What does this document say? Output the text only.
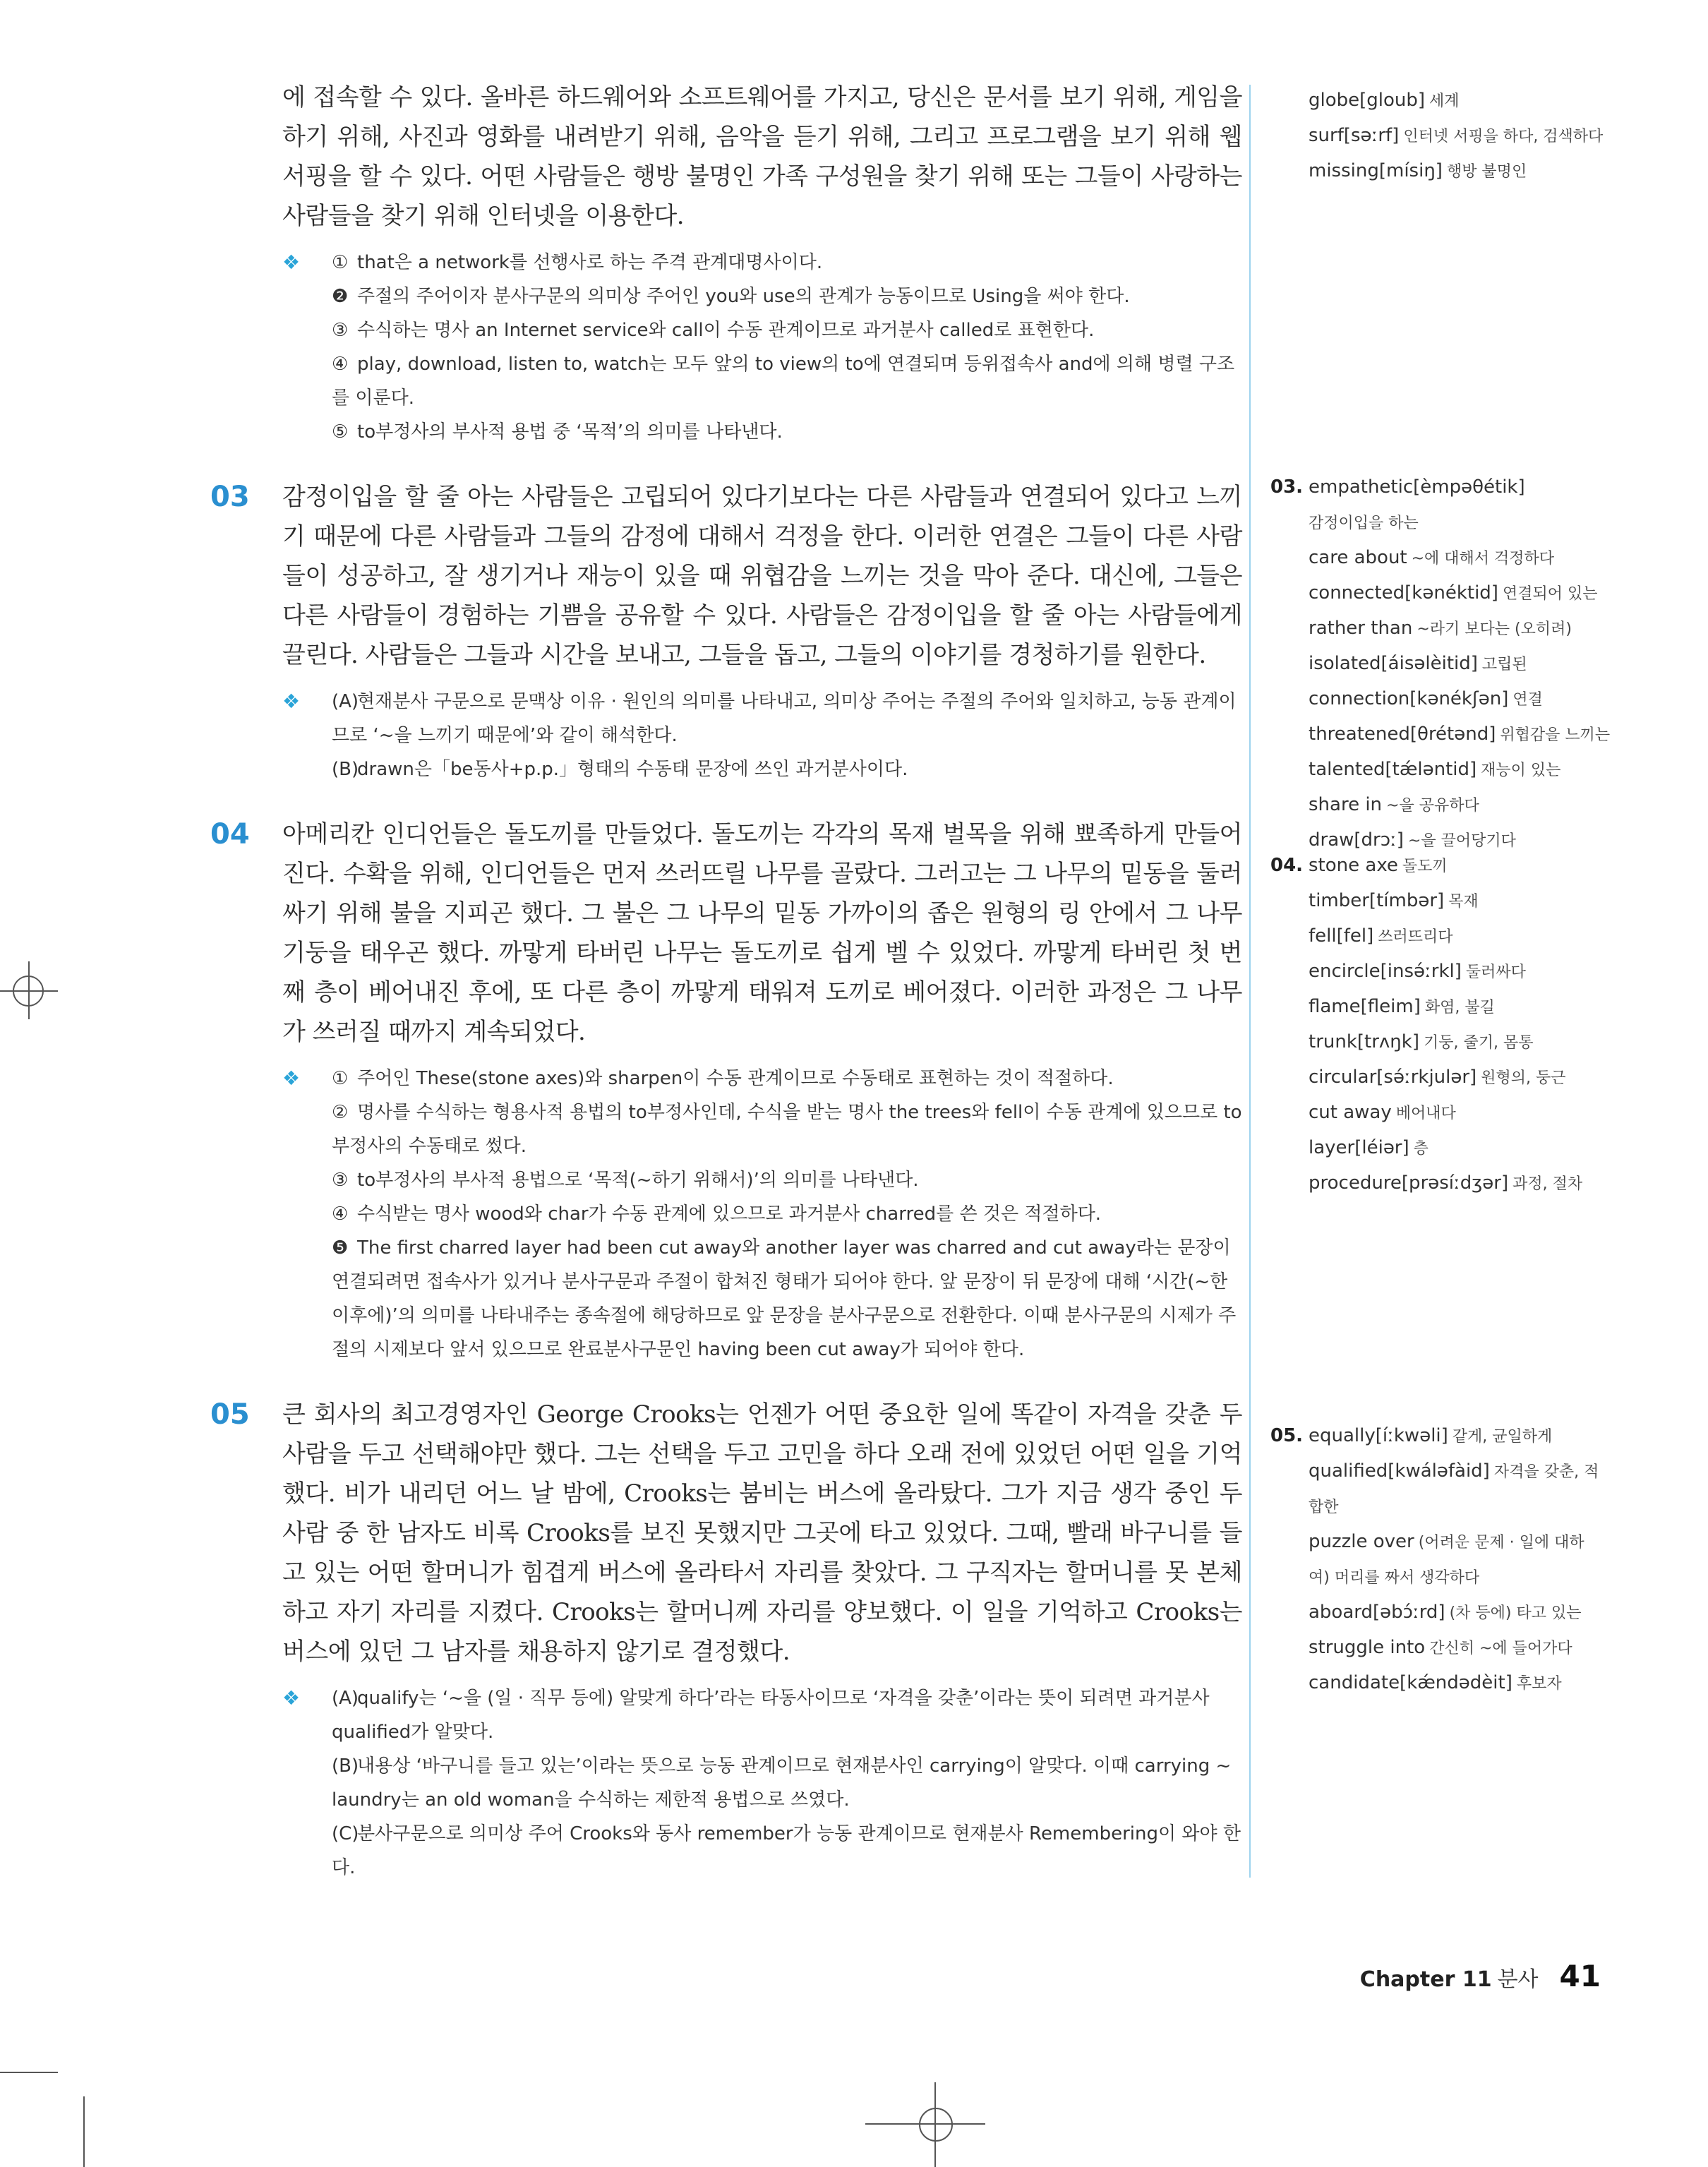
에 접속할 수 있다. 올바른 하드웨어와 소프트웨어를 가지고, 당신은 문서를 보기 위해, 게임을 하기 위해, 사진과 영화를 내려받기 위해, 음악을 듣기 위해, 그리고 프로그램을 보기 위해 웹서핑을 할 수 있다. 어떤 사람들은 행방 불명인 가족 구성원을 찾기 위해 또는 그들이 사랑하는 사람들을 찾기 위해 인터넷을 이용한다.

❖ ① that은 a network를 선행사로 하는 주격 관계대명사이다.
❷ 주절의 주어이자 분사구문의 의미상 주어인 you와 use의 관계가 능동이므로 Using을 써야 한다.
③ 수식하는 명사 an Internet service와 call이 수동 관계이므로 과거분사 called로 표현한다.
④ play, download, listen to, watch는 모두 앞의 to view의 to에 연결되며 등위접속사 and에 의해 병렬 구조를 이룬다.
⑤ to부정사의 부사적 용법 중 ‘목적’의 의미를 나타낸다.
03 감정이입을 할 줄 아는 사람들은 고립되어 있다기보다는 다른 사람들과 연결되어 있다고 느끼기 때문에 다른 사람들과 그들의 감정에 대해서 걱정을 한다. 이러한 연결은 그들이 다른 사람들이 성공하고, 잘 생기거나 재능이 있을 때 위협감을 느끼는 것을 막아 준다. 대신에, 그들은 다른 사람들이 경험하는 기쁨을 공유할 수 있다. 사람들은 감정이입을 할 줄 아는 사람들에게 끌린다. 사람들은 그들과 시간을 보내고, 그들을 돕고, 그들의 이야기를 경청하기를 원한다.

❖ (A)현재분사 구문으로 문맥상 이유 · 원인의 의미를 나타내고, 의미상 주어는 주절의 주어와 일치하고, 능동 관계이므로 ‘~을 느끼기 때문에’와 같이 해석한다.
(B)drawn은「be동사+p.p.」형태의 수동태 문장에 쓰인 과거분사이다.
04 아메리칸 인디언들은 돌도끼를 만들었다. 돌도끼는 각각의 목재 벌목을 위해 뾰족하게 만들어진다. 수확을 위해, 인디언들은 먼저 쓰러뜨릴 나무를 골랐다. 그러고는 그 나무의 밑동을 둘러싸기 위해 불을 지피곤 했다. 그 불은 그 나무의 밑동 가까이의 좁은 원형의 링 안에서 그 나무 기둥을 태우곤 했다. 까맣게 타버린 나무는 돌도끼로 쉽게 벨 수 있었다. 까맣게 타버린 첫 번째 층이 베어내진 후에, 또 다른 층이 까맣게 태워져 도끼로 베어졌다. 이러한 과정은 그 나무가 쓰러질 때까지 계속되었다.

❖ ① 주어인 These(stone axes)와 sharpen이 수동 관계이므로 수동태로 표현하는 것이 적절하다.
② 명사를 수식하는 형용사적 용법의 to부정사인데, 수식을 받는 명사 the trees와 fell이 수동 관계에 있으므로 to부정사의 수동태로 썼다.
③ to부정사의 부사적 용법으로 ‘목적(~하기 위해서)’의 의미를 나타낸다.
④ 수식받는 명사 wood와 char가 수동 관계에 있으므로 과거분사 charred를 쓴 것은 적절하다.
❺ The first charred layer had been cut away와 another layer was charred and cut away라는 문장이 연결되려면 접속사가 있거나 분사구문과 주절이 합쳐진 형태가 되어야 한다. 앞 문장이 뒤 문장에 대해 ‘시간(~한 이후에)’의 의미를 나타내주는 종속절에 해당하므로 앞 문장을 분사구문으로 전환한다. 이때 분사구문의 시제가 주절의 시제보다 앞서 있으므로 완료분사구문인 having been cut away가 되어야 한다.
05 큰 회사의 최고경영자인 George Crooks는 언젠가 어떤 중요한 일에 똑같이 자격을 갖춘 두 사람을 두고 선택해야만 했다. 그는 선택을 두고 고민을 하다 오래 전에 있었던 어떤 일을 기억했다. 비가 내리던 어느 날 밤에, Crooks는 붐비는 버스에 올라탔다. 그가 지금 생각 중인 두 사람 중 한 남자도 비록 Crooks를 보진 못했지만 그곳에 타고 있었다. 그때, 빨래 바구니를 들고 있는 어떤 할머니가 힘겹게 버스에 올라타서 자리를 찾았다. 그 구직자는 할머니를 못 본체하고 자기 자리를 지켰다. Crooks는 할머니께 자리를 양보했다. 이 일을 기억하고 Crooks는 버스에 있던 그 남자를 채용하지 않기로 결정했다.

❖ (A)qualify는 ‘~을 (일 · 직무 등에) 알맞게 하다’라는 타동사이므로 ‘자격을 갖춘’이라는 뜻이 되려면 과거분사 qualified가 알맞다.
(B)내용상 ‘바구니를 들고 있는’이라는 뜻으로 능동 관계이므로 현재분사인 carrying이 알맞다. 이때 carrying ~ laundry는 an old woman을 수식하는 제한적 용법으로 쓰였다.
(C)분사구문으로 의미상 주어 Crooks와 동사 remember가 능동 관계이므로 현재분사 Remembering이 와야 한다.
globe[gloub] 세계
surf[səːrf] 인터넷 서핑을 하다, 검색하다
missing[mísiŋ] 행방 불명인
03. empathetic[èmpəθétik]
감정이입을 하는
care about ~에 대해서 걱정하다
connected[kənéktid] 연결되어 있는
rather than ~라기 보다는 (오히려)
isolated[áisəlèitid] 고립된
connection[kənékʃən] 연결
threatened[θrétənd] 위협감을 느끼는
talented[tǽləntid] 재능이 있는
share in ~을 공유하다
draw[drɔː] ~을 끌어당기다
04. stone axe 돌도끼
timber[tímbər] 목재
fell[fel] 쓰러뜨리다
encircle[insə́ːrkl] 둘러싸다
flame[fleim] 화염, 불길
trunk[trʌŋk] 기둥, 줄기, 몸통
circular[sə́ːrkjulər] 원형의, 둥근
cut away 베어내다
layer[léiər] 층
procedure[prəsíːdʒər] 과정, 절차
05. equally[íːkwəli] 같게, 균일하게
qualified[kwáləfàid] 자격을 갖춘, 적
합한
puzzle over (어려운 문제 · 일에 대하
여) 머리를 짜서 생각하다
aboard[əbɔ́ːrd] (차 등에) 타고 있는
struggle into 간신히 ~에 들어가다
candidate[kǽndədèit] 후보자
Chapter 11 분사 41
